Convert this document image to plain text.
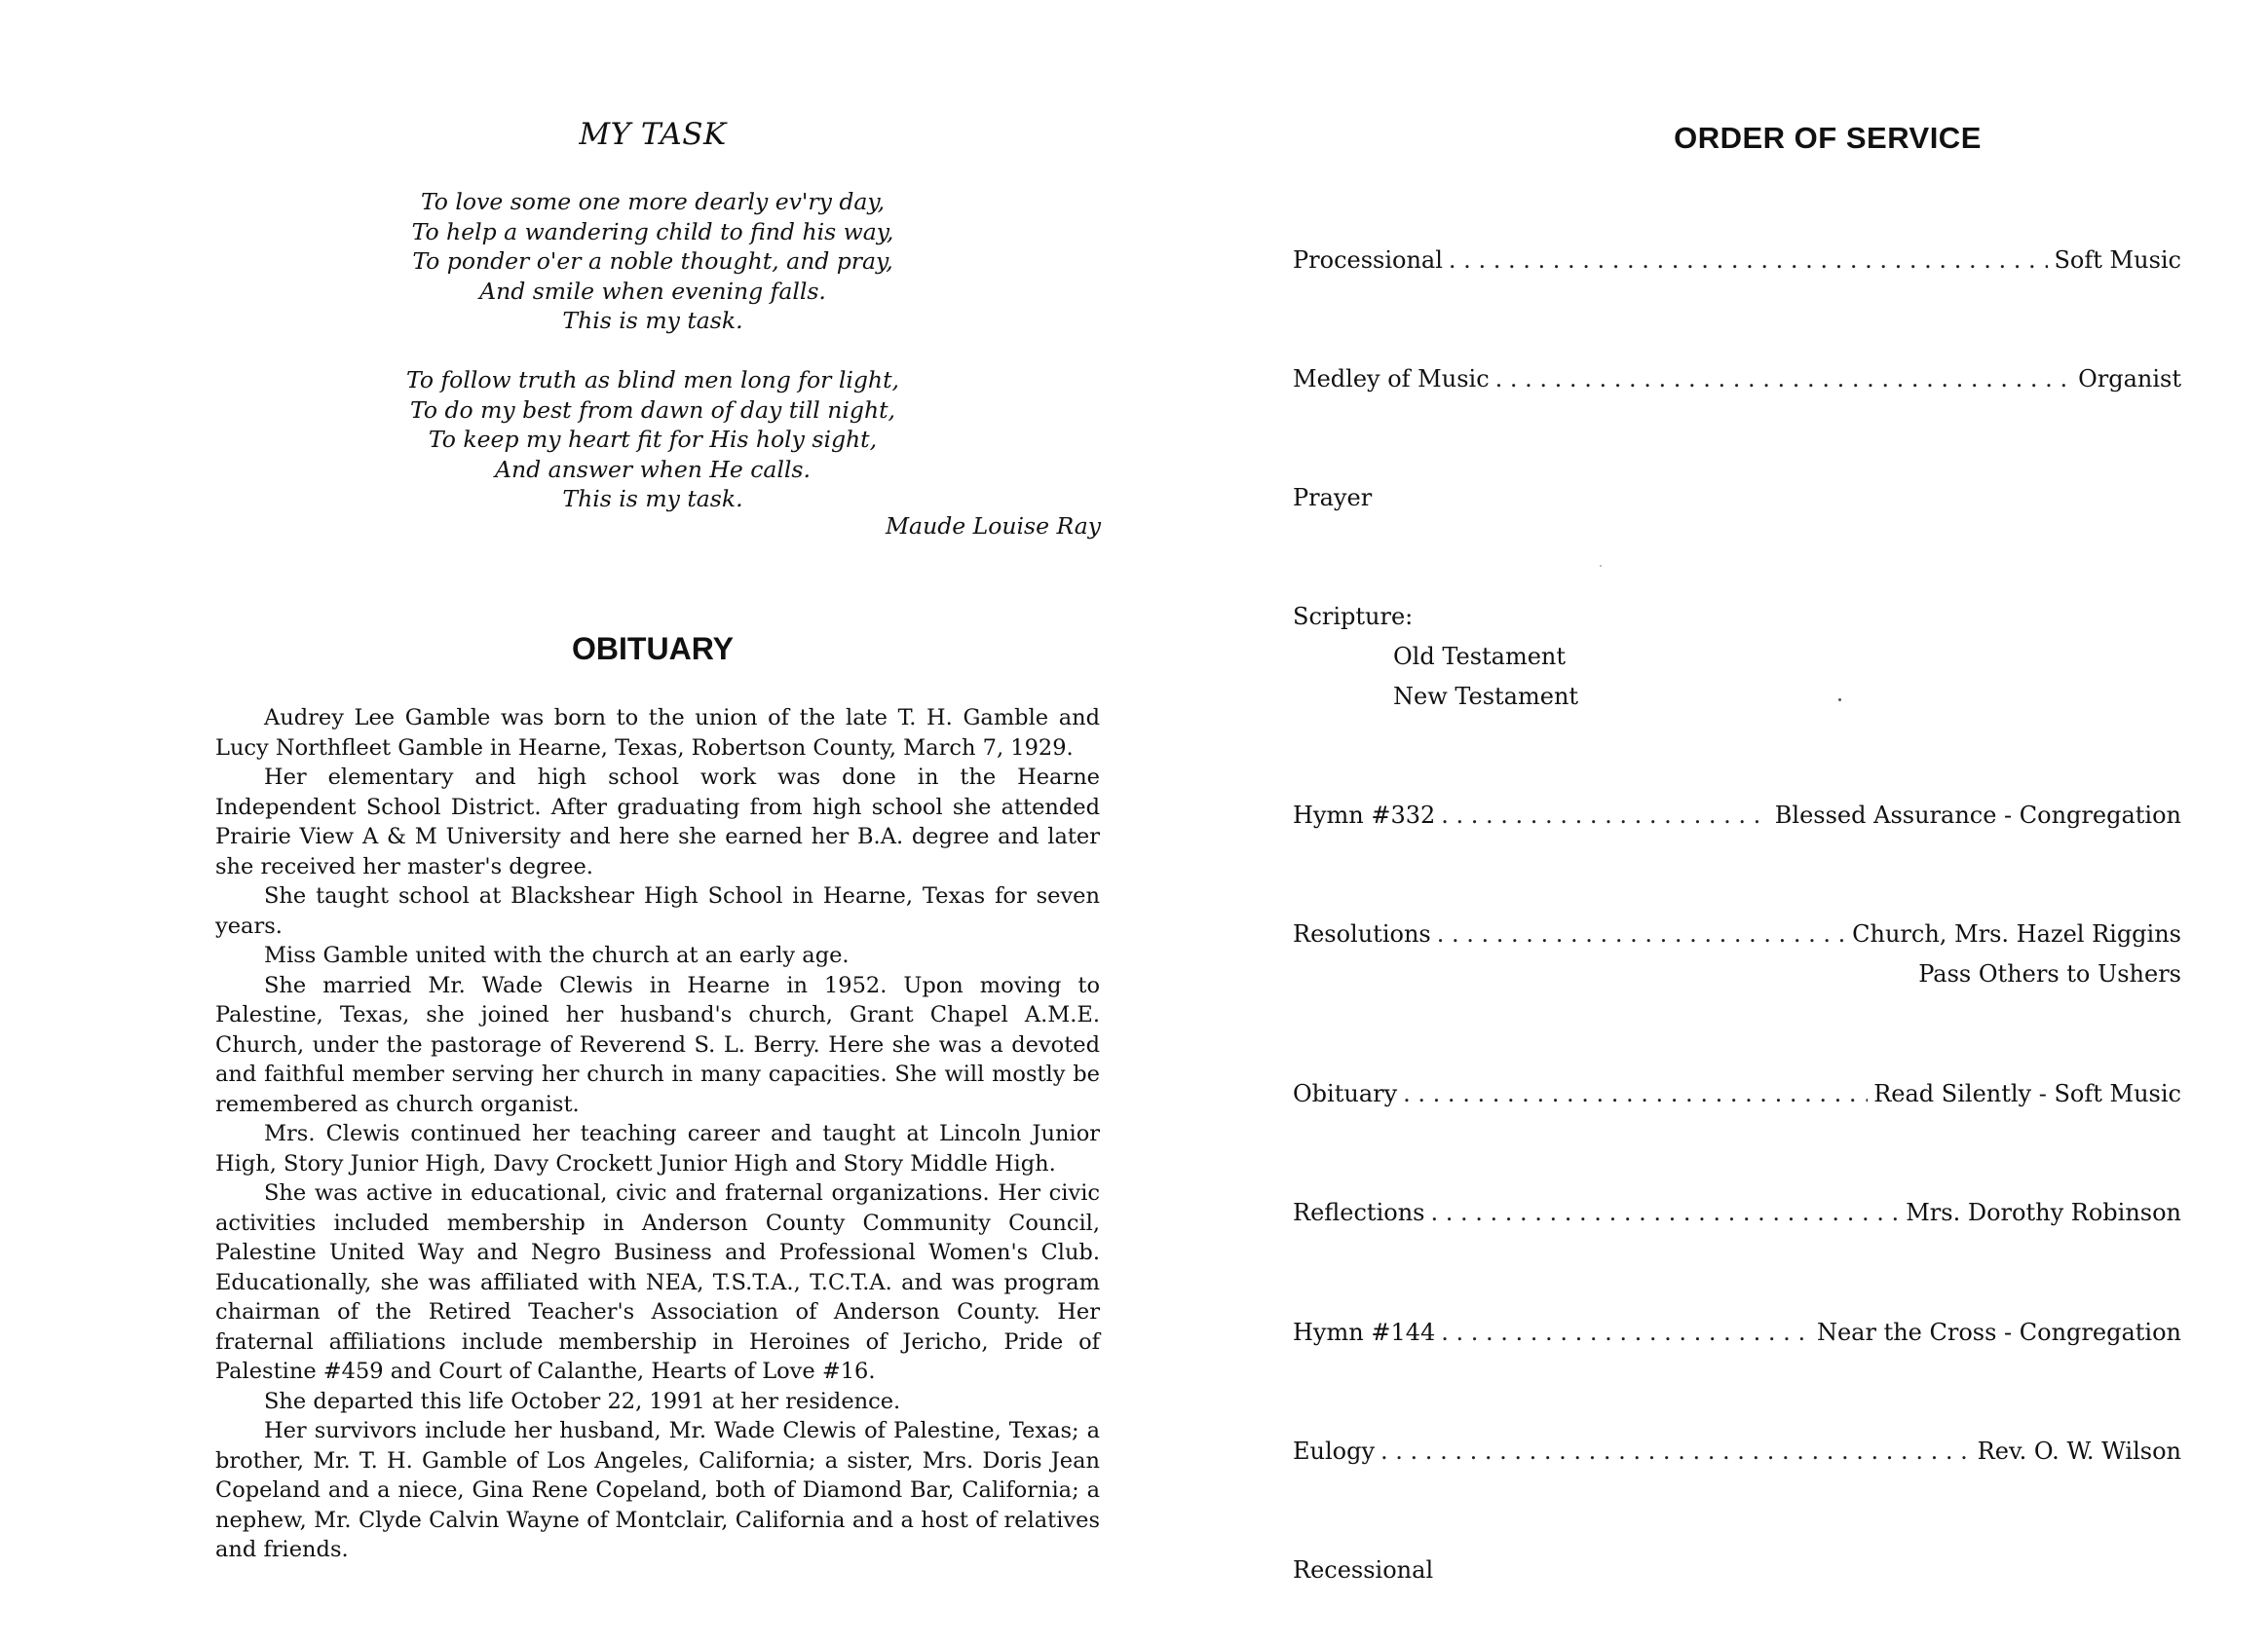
MY TASK
To love some one more dearly ev'ry day,
To help a wandering child to find his way,
To ponder o'er a noble thought, and pray,
And smile when evening falls.
This is my task.
To follow truth as blind men long for light,
To do my best from dawn of day till night,
To keep my heart fit for His holy sight,
And answer when He calls.
This is my task.
Maude Louise Ray
OBITUARY

Audrey Lee Gamble was born to the union of the late T. H. Gamble and Lucy Northfleet Gamble in Hearne, Texas, Robertson County, March 7, 1929.

Her elementary and high school work was done in the Hearne Independent School District. After graduating from high school she attended Prairie View A & M University and here she earned her B.A. degree and later she received her master's degree.

She taught school at Blackshear High School in Hearne, Texas for seven years.

Miss Gamble united with the church at an early age.

She married Mr. Wade Clewis in Hearne in 1952. Upon moving to Palestine, Texas, she joined her husband's church, Grant Chapel A.M.E. Church, under the pastorage of Reverend S. L. Berry. Here she was a devoted and faithful member serving her church in many capacities. She will mostly be remembered as church organist.

Mrs. Clewis continued her teaching career and taught at Lincoln Junior High, Story Junior High, Davy Crockett Junior High and Story Middle High.

She was active in educational, civic and fraternal organizations. Her civic activities included membership in Anderson County Community Council, Palestine United Way and Negro Business and Professional Women's Club. Educationally, she was affiliated with NEA, T.S.T.A., T.C.T.A. and was program chairman of the Retired Teacher's Association of Anderson County. Her fraternal affiliations include membership in Heroines of Jericho, Pride of Palestine #459 and Court of Calanthe, Hearts of Love #16.

She departed this life October 22, 1991 at her residence.

Her survivors include her husband, Mr. Wade Clewis of Palestine, Texas; a brother, Mr. T. H. Gamble of Los Angeles, California; a sister, Mrs. Doris Jean Copeland and a niece, Gina Rene Copeland, both of Diamond Bar, California; a nephew, Mr. Clyde Calvin Wayne of Montclair, California and a host of relatives and friends.

ORDER OF SERVICE
Processional . . .	Soft Music
Medley of Music . . .	Organist
Prayer
Scripture:
Old Testament
New Testament
Hymn #332 . . .	Blessed Assurance - Congregation
Resolutions . . .	Church, Mrs. Hazel Riggins
Pass Others to Ushers
Obituary . . .	Read Silently - Soft Music
Reflections . . .	Mrs. Dorothy Robinson
Hymn #144 . . .	Near the Cross - Congregation
Eulogy . . .	Rev. O. W. Wilson
Recessional
